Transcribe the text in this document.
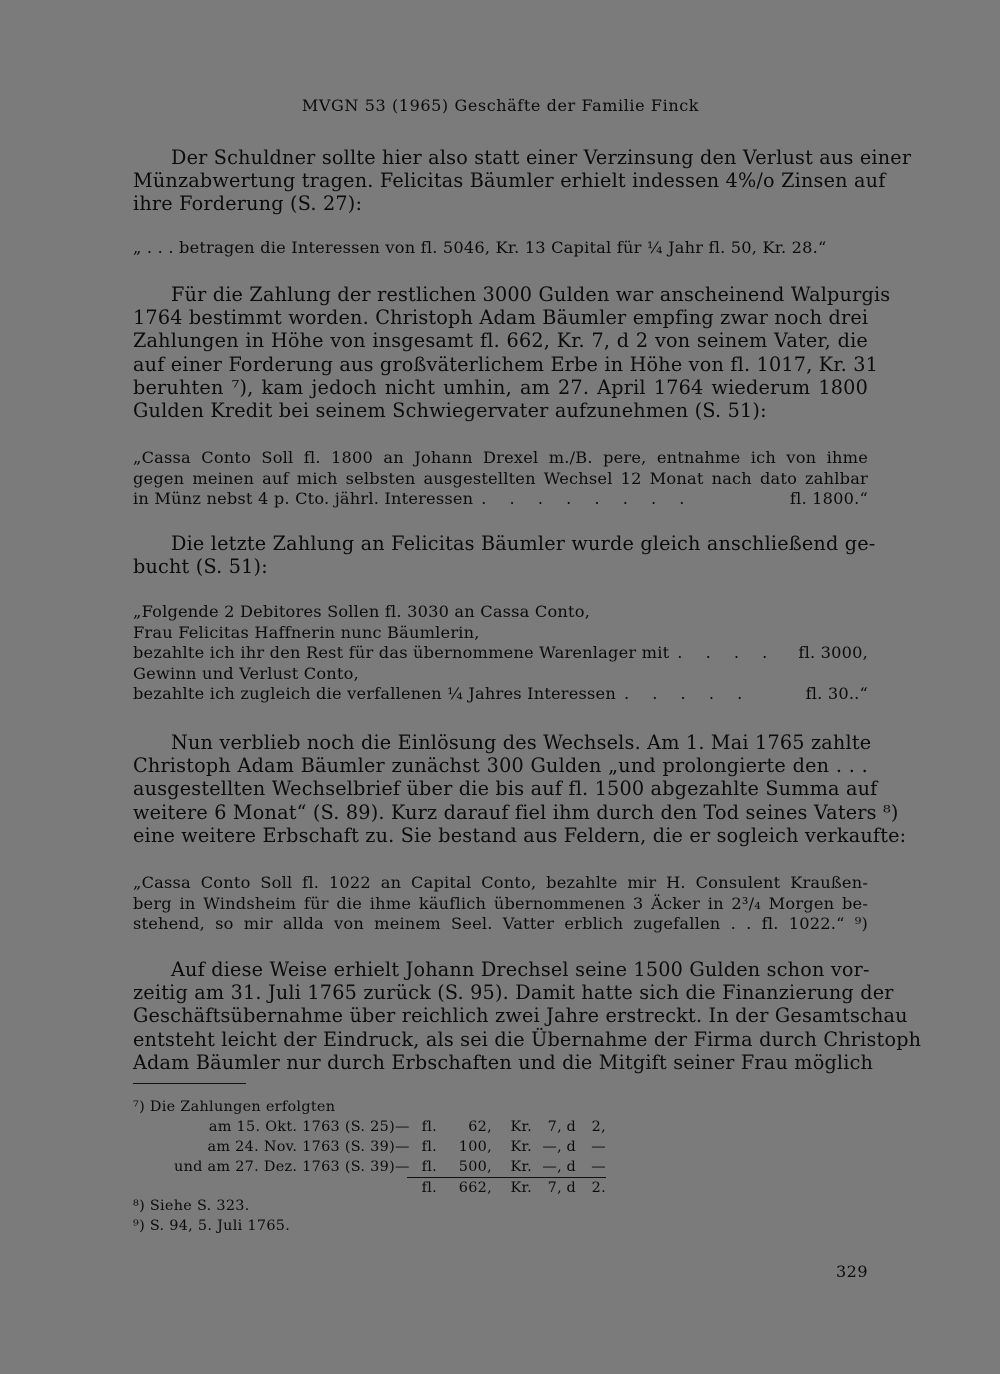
MVGN 53 (1965) Geschäfte der Familie Finck
Der Schuldner sollte hier also statt einer Verzinsung den Verlust aus einer
Münzabwertung tragen. Felicitas Bäumler erhielt indessen 4%/o Zinsen auf
ihre Forderung (S. 27):
„ . . . betragen die Interessen von fl. 5046, Kr. 13 Capital für ¼ Jahr fl. 50, Kr. 28.“
Für die Zahlung der restlichen 3000 Gulden war anscheinend Walpurgis
1764 bestimmt worden. Christoph Adam Bäumler empfing zwar noch drei
Zahlungen in Höhe von insgesamt fl. 662, Kr. 7, d 2 von seinem Vater, die
auf einer Forderung aus großväterlichem Erbe in Höhe von fl. 1017, Kr. 31
beruhten ⁷), kam jedoch nicht umhin, am 27. April 1764 wiederum 1800
Gulden Kredit bei seinem Schwiegervater aufzunehmen (S. 51):
„Cassa Conto Soll fl. 1800 an Johann Drexel m./B. pere, entnahme ich von ihme
gegen meinen auf mich selbsten ausgestellten Wechsel 12 Monat nach dato zahlbar
in Münz nebst 4 p. Cto. jährl. Interessen . . . . . . . .	fl. 1800.“
Die letzte Zahlung an Felicitas Bäumler wurde gleich anschließend ge-
bucht (S. 51):
„Folgende 2 Debitores Sollen fl. 3030 an Cassa Conto,
Frau Felicitas Haffnerin nunc Bäumlerin,
bezahlte ich ihr den Rest für das übernommene Warenlager mit . . . .	fl. 3000,
Gewinn und Verlust Conto,
bezahlte ich zugleich die verfallenen ¼ Jahres Interessen . . . . .	fl. 30..“
Nun verblieb noch die Einlösung des Wechsels. Am 1. Mai 1765 zahlte
Christoph Adam Bäumler zunächst 300 Gulden „und prolongierte den . . .
ausgestellten Wechselbrief über die bis auf fl. 1500 abgezahlte Summa auf
weitere 6 Monat“ (S. 89). Kurz darauf fiel ihm durch den Tod seines Vaters ⁸)
eine weitere Erbschaft zu. Sie bestand aus Feldern, die er sogleich verkaufte:
„Cassa Conto Soll fl. 1022 an Capital Conto, bezahlte mir H. Consulent Kraußen-
berg in Windsheim für die ihme käuflich übernommenen 3 Äcker in 2³/₄ Morgen be-
stehend, so mir allda von meinem Seel. Vatter erblich zugefallen . . fl. 1022.“ ⁹)
Auf diese Weise erhielt Johann Drechsel seine 1500 Gulden schon vor-
zeitig am 31. Juli 1765 zurück (S. 95). Damit hatte sich die Finanzierung der
Geschäftsübernahme über reichlich zwei Jahre erstreckt. In der Gesamtschau
entsteht leicht der Eindruck, als sei die Übernahme der Firma durch Christoph
Adam Bäumler nur durch Erbschaften und die Mitgift seiner Frau möglich
⁷) Die Zahlungen erfolgten
am 15. Okt. 1763 (S. 25) — fl.	62,	Kr.	7, d	2,
am 24. Nov. 1763 (S. 39) — fl.	100,	Kr. —, d	—
und am 27. Dez. 1763 (S. 39) — fl.	500,	Kr. —, d	—
fl.	662,	Kr.	7, d	2.
⁸) Siehe S. 323.
⁹) S. 94, 5. Juli 1765.
329
